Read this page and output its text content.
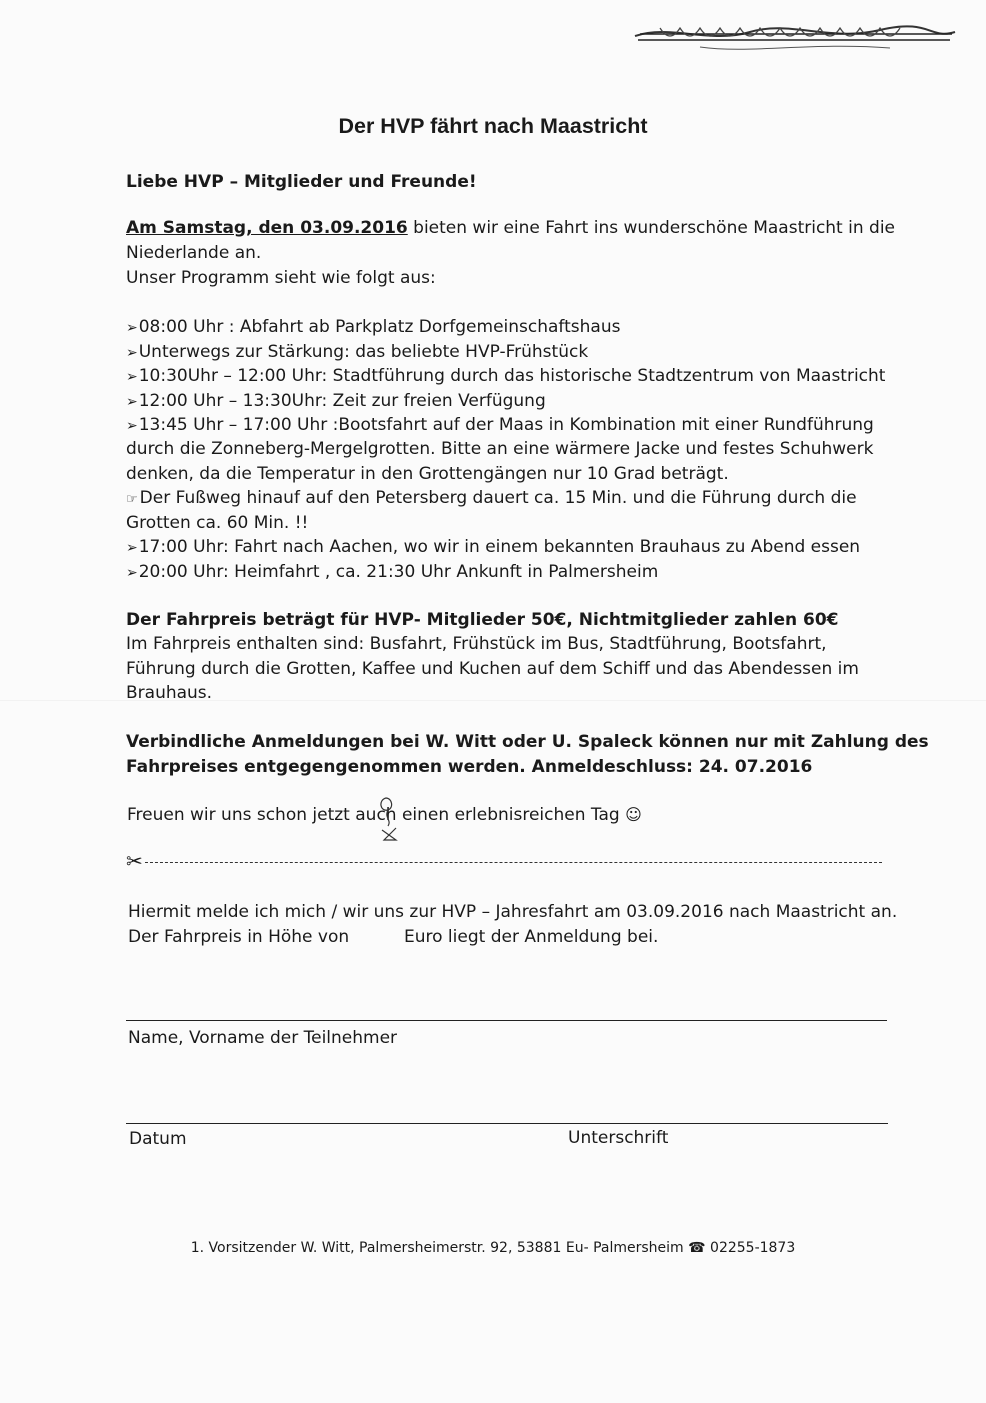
Der HVP fährt nach Maastricht
Liebe HVP – Mitglieder und Freunde!
Am Samstag, den 03.09.2016 bieten wir eine Fahrt ins wunderschöne Maastricht in die
Niederlande an.
Unser Programm sieht wie folgt aus:
➢08:00 Uhr : Abfahrt ab Parkplatz Dorfgemeinschaftshaus
➢Unterwegs zur Stärkung: das beliebte HVP-Frühstück
➢10:30Uhr – 12:00 Uhr: Stadtführung durch das historische Stadtzentrum von Maastricht
➢12:00 Uhr – 13:30Uhr: Zeit zur freien Verfügung
➢13:45 Uhr – 17:00 Uhr :Bootsfahrt auf der Maas in Kombination mit einer Rundführung
durch die Zonneberg-Mergelgrotten. Bitte an eine wärmere Jacke und festes Schuhwerk
denken, da die Temperatur in den Grottengängen nur 10 Grad beträgt.
☞ Der Fußweg hinauf auf den Petersberg dauert ca. 15 Min. und die Führung durch die
Grotten ca. 60 Min. !!
➢17:00 Uhr: Fahrt nach Aachen, wo wir in einem bekannten Brauhaus zu Abend essen
➢20:00 Uhr: Heimfahrt , ca. 21:30 Uhr Ankunft in Palmersheim
Der Fahrpreis beträgt für HVP- Mitglieder 50€, Nichtmitglieder zahlen 60€
Im Fahrpreis enthalten sind: Busfahrt, Frühstück im Bus, Stadtführung, Bootsfahrt,
Führung durch die Grotten, Kaffee und Kuchen auf dem Schiff und das Abendessen im
Brauhaus.
Verbindliche Anmeldungen bei W. Witt oder U. Spaleck können nur mit Zahlung des
Fahrpreises entgegengenommen werden. Anmeldeschluss: 24. 07.2016
Freuen wir uns schon jetzt auch einen erlebnisreichen Tag ☺
✂
Hiermit melde ich mich / wir uns zur HVP – Jahresfahrt am 03.09.2016 nach Maastricht an.
Der Fahrpreis in Höhe von	Euro liegt der Anmeldung bei.
Name, Vorname der Teilnehmer
Datum	Unterschrift
1. Vorsitzender W. Witt, Palmersheimerstr. 92, 53881 Eu- Palmersheim ☎ 02255-1873
